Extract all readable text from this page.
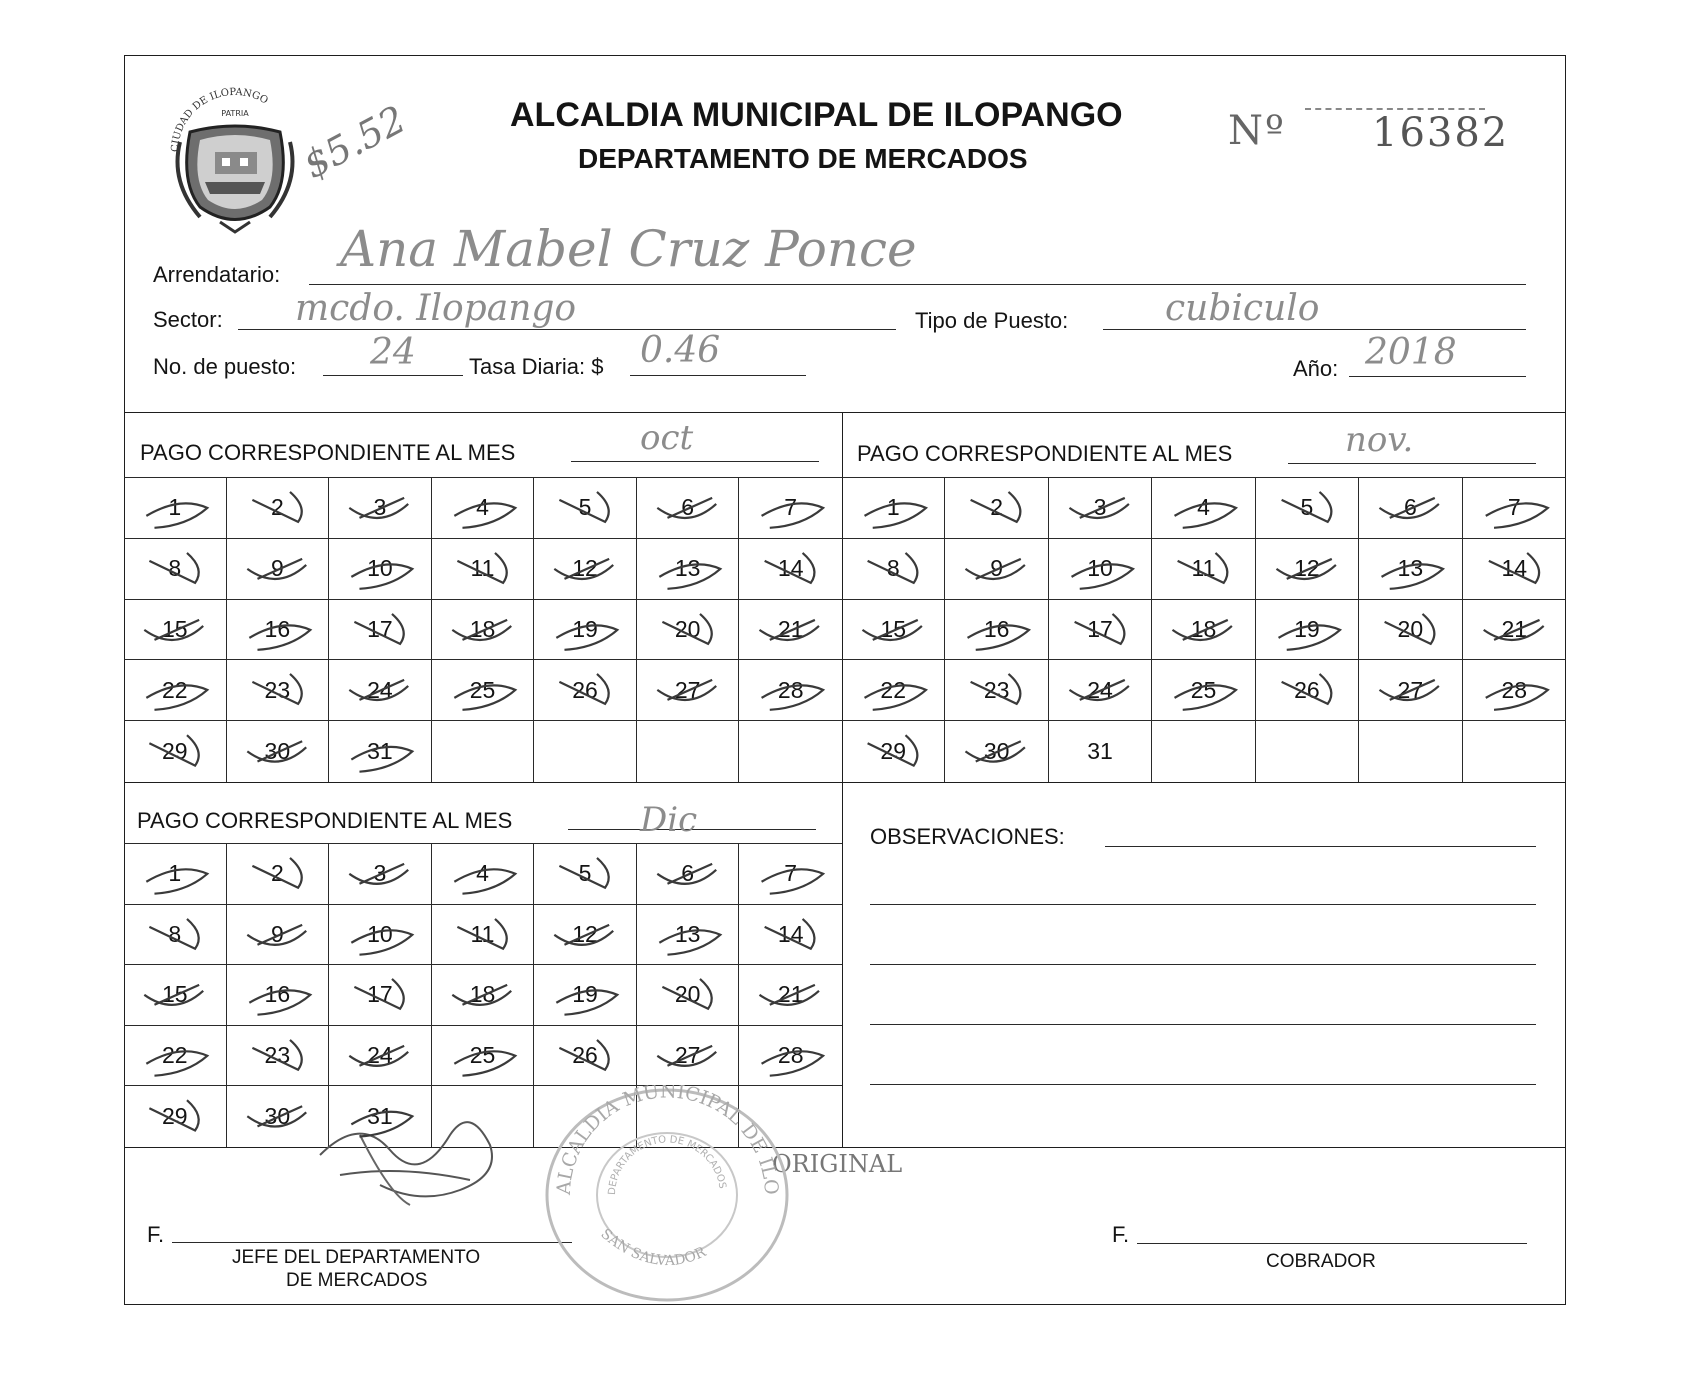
CIUDAD DE ILOPANGO
PATRIA $5.52	ALCALDIA MUNICIPAL DE ILOPANGO
DEPARTAMENTO DE MERCADOS
Nº 16382
Arrendatario: Ana Mabel Cruz Ponce
Sector: mcdo. Ilopango	Tipo de Puesto:	cubiculo
No. de puesto: 24 Tasa Diaria: $ 0.46	Año: 2018
PAGO CORRESPONDIENTE AL MES	oct
1	2	3	4	5	6	7
8	9	10	11	12	13	14
15	16	17	18	19	20	21
22	23	24	25	26	27	28
29	30	31
PAGO CORRESPONDIENTE AL MES	nov.
1	2	3	4	5	6	7
8	9	10	11	12	13	14
15	16	17	18	19	20	21
22	23	24	25	26	27	28
29	30	31
PAGO CORRESPONDIENTE AL MES	Dic
1	2	3	4	5	6	7
8	9	10	11	12	13	14
15	16	17	18	19	20	21
22	23	24	25	26	27	28
29	30	31
OBSERVACIONES:
F.
JEFE DEL DEPARTAMENTO
DE MERCADOS
ORIGINAL
ALCALDIA MUNICIPAL DE ILO
DEPARTAMENTO DE MERCADOS
SAN SALVADOR
F.
COBRADOR
